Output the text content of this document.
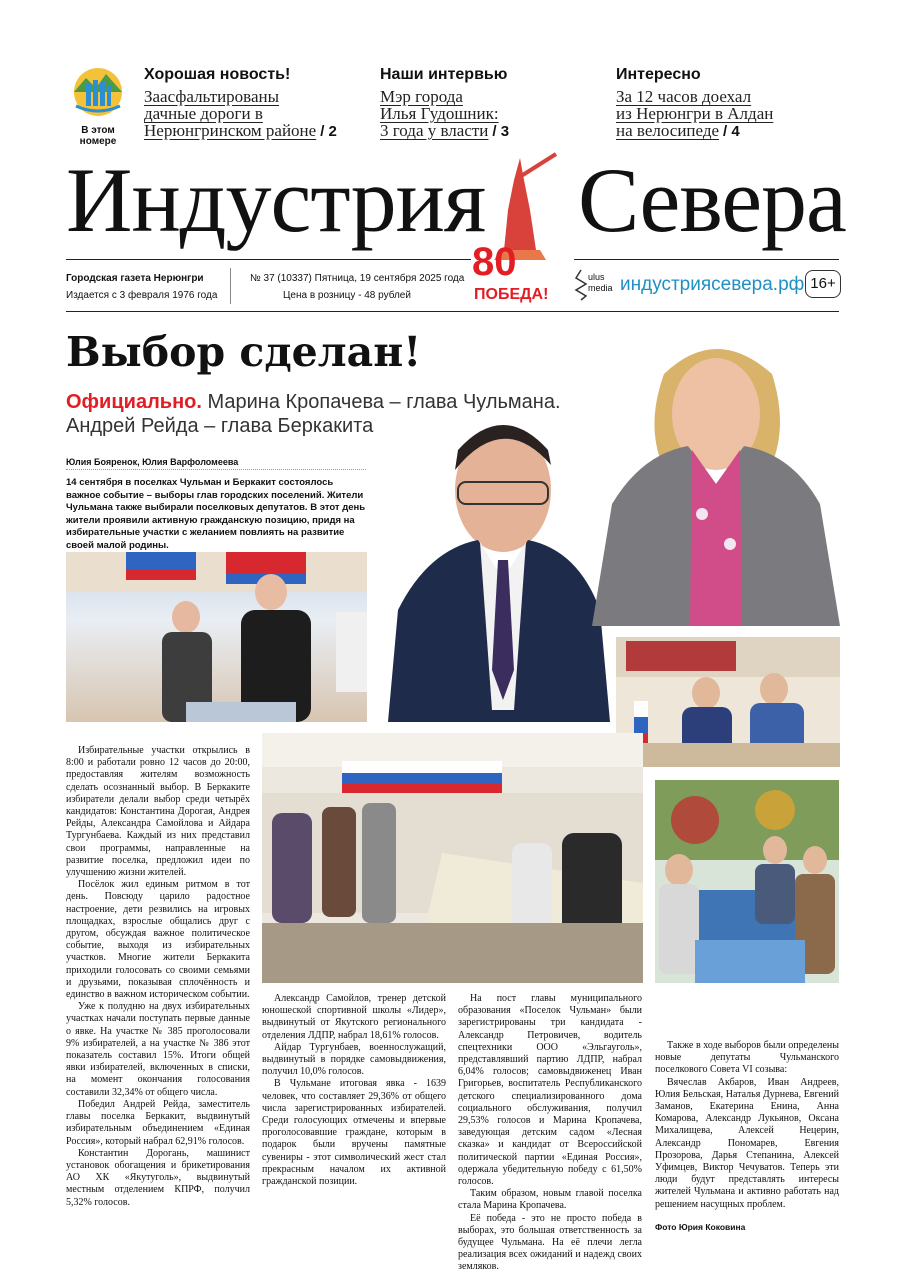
В этом номере
Хорошая новость!
Заасфальтированы
дачные дороги в
Нерюнгринском районе / 2
Наши интервью
Мэр города
Илья Гудошник:
3 года у власти / 3
Интересно
За 12 часов доехал
из Нерюнгри в Алдан
на велосипеде / 4
Индустрия Севера
80
ПОБЕДА!
Городская газета Нерюнгри
Издается с 3 февраля 1976 года
№ 37 (10337) Пятница, 19 сентября 2025 года
Цена в розницу - 48 рублей
ulus media индустриясевера.рф 16+
Выбор сделан!
Официально. Марина Кропачева – глава Чульмана. Андрей Рейда – глава Беркакита
Юлия Бояренок, Юлия Варфоломеева
14 сентября в поселках Чульман и Беркакит состоялось важное событие – выборы глав городских поселений. Жители Чульмана также выбирали поселковых депутатов. В этот день жители проявили активную гражданскую позицию, придя на избирательные участки с желанием повлиять на развитие своей малой родины.

Избирательные участки открылись в 8:00 и работали ровно 12 часов до 20:00, предоставляя жителям возможность сделать осознанный выбор. В Беркаките избиратели делали выбор среди четырёх кандидатов: Константина Дорогая, Андрея Рейды, Александра Самойлова и Айдара Тургунбаева. Каждый из них представил свои программы, направленные на развитие поселка, предложил идеи по улучшению жизни жителей.

Посёлок жил единым ритмом в тот день. Повсюду царило радостное настроение, дети резвились на игровых площадках, взрослые общались друг с другом, обсуждая важное политическое событие, выходя из избирательных участков. Многие жители Беркакита приходили голосовать со своими семьями и друзьями, показывая сплочённость и единство в важном историческом событии.

Уже к полудню на двух избирательных участках начали поступать первые данные о явке. На участке № 385 проголосовали 9% избирателей, а на участке № 386 этот показатель составил 15%. Итоги общей явки избирателей, включенных в списки, на момент окончания голосования составили 32,34% от общего числа.

Победил Андрей Рейда, заместитель главы поселка Беркакит, выдвинутый избирательным объединением «Единая Россия», который набрал 62,91% голосов.

Константин Дорогань, машинист установок обогащения и брикетирования АО ХК «Якутуголь», выдвинутый местным отделением КПРФ, получил 5,32% голосов.

Александр Самойлов, тренер детской юношеской спортивной школы «Лидер», выдвинутый от Якутского регионального отделения ЛДПР, набрал 18,61% голосов.

Айдар Тургунбаев, военнослужащий, выдвинутый в порядке самовыдвижения, получил 10,0% голосов.

В Чульмане итоговая явка - 1639 человек, что составляет 29,36% от общего числа зарегистрированных избирателей. Среди голосующих отмечены и впервые проголосовавшие граждане, которым в подарок были вручены памятные сувениры - этот символический жест стал прекрасным началом их активной гражданской позиции.

На пост главы муниципального образования «Поселок Чульман» были зарегистрированы три кандидата - Александр Петровичев, водитель спецтехники ООО «Эльгауголь», представлявший партию ЛДПР, набрал 6,04% голосов; самовыдвиженец Иван Григорьев, воспитатель Республиканского детского специализированного дома социального обслуживания, получил 29,53% голосов и Марина Кропачева, заведующая детским садом «Лесная сказка» и кандидат от Всероссийской политической партии «Единая Россия», одержала убедительную победу с 61,50% голосов.

Таким образом, новым главой поселка стала Марина Кропачева.

Её победа - это не просто победа в выборах, это большая ответственность за будущее Чульмана. На её плечи легла реализация всех ожиданий и надежд своих земляков.

Также в ходе выборов были определены новые депутаты Чульманского поселкового Совета VI созыва:

Вячеслав Акбаров, Иван Андреев, Юлия Бельская, Наталья Дурнева, Евгений Заманов, Екатерина Енина, Анна Комарова, Александр Лукьянов, Оксана Михалищева, Алексей Нецерин, Александр Пономарев, Евгения Прозорова, Дарья Степанина, Алексей Уфимцев, Виктор Чечуватов. Теперь эти люди будут представлять интересы жителей Чульмана и активно работать над решением насущных проблем.

Фото Юрия Коковина
